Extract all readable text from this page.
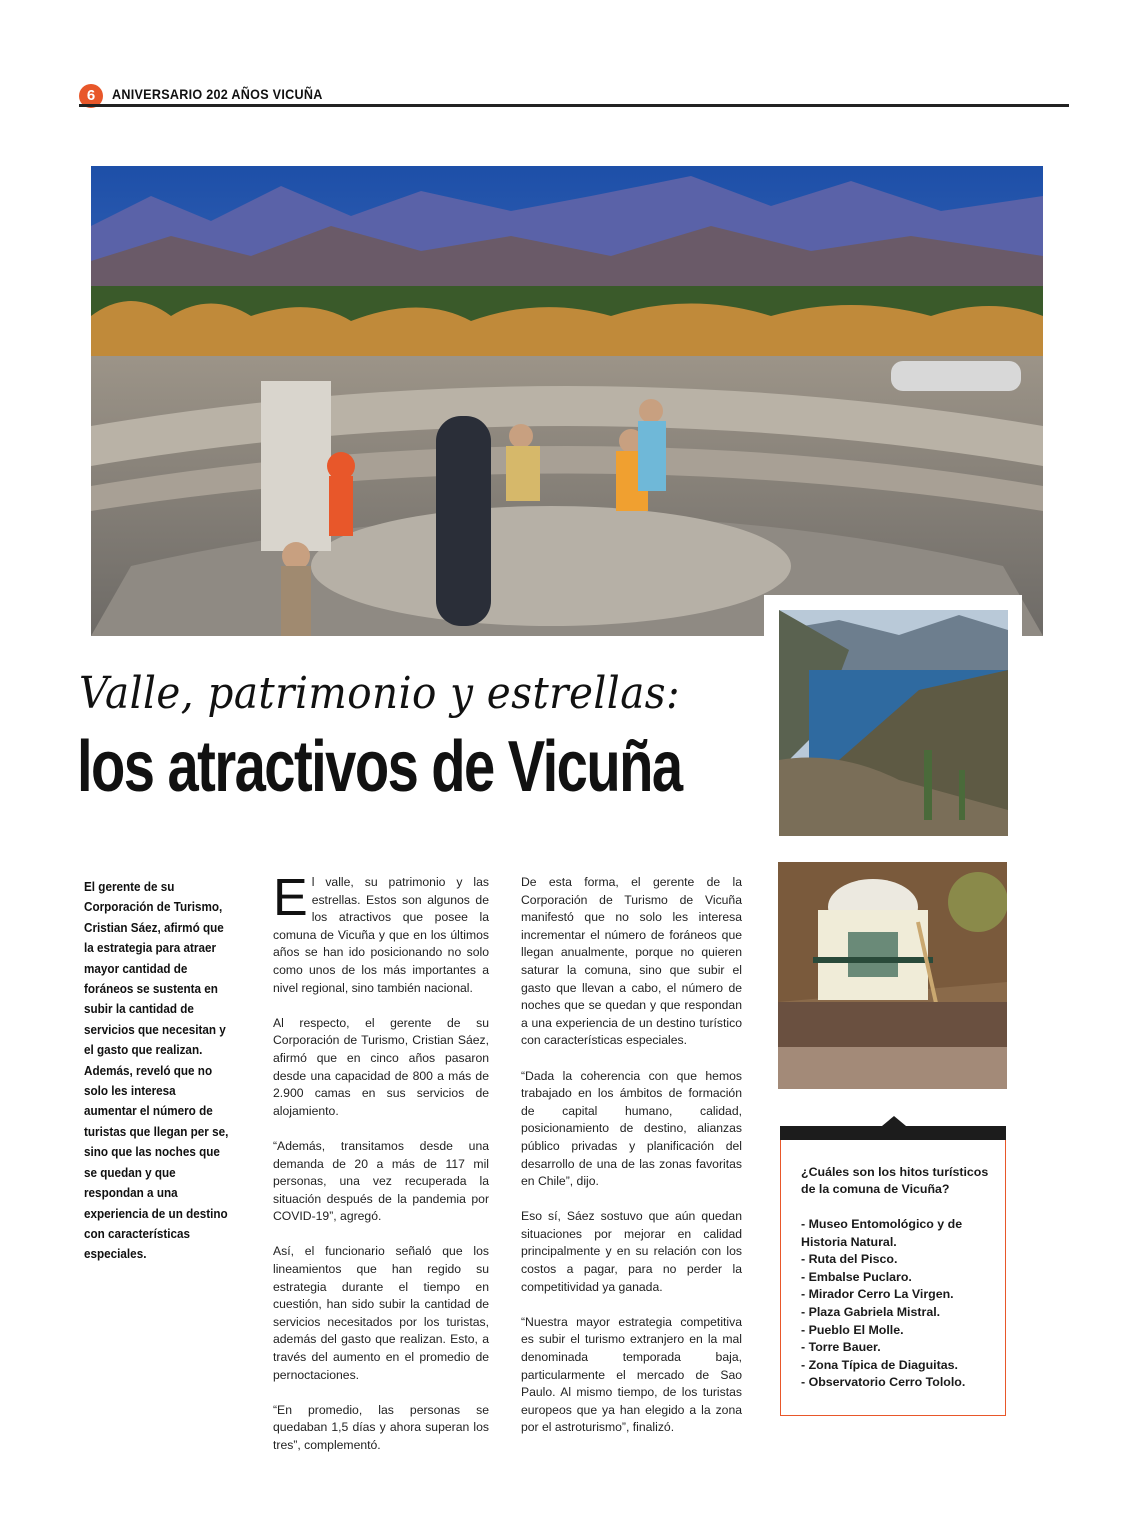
6	ANIVERSARIO 202 AÑOS VICUÑA
Valle, patrimonio y estrellas:
los atractivos de Vicuña

El gerente de su Corporación de Turismo, Cristian Sáez, afirmó que la estrategia para atraer mayor cantidad de foráneos se sustenta en subir la cantidad de servicios que necesitan y el gasto que realizan. Además, reveló que no solo les interesa aumentar el número de turistas que llegan per se, sino que las noches que se quedan y que respondan a una experiencia de un destino con características especiales.

El valle, su patrimonio y las estrellas. Estos son algunos de los atractivos que posee la comuna de Vicuña y que en los últimos años se han ido posicionando no solo como unos de los más importantes a nivel regional, sino también nacional.

Al respecto, el gerente de su Corporación de Turismo, Cristian Sáez, afirmó que en cinco años pasaron desde una capacidad de 800 a más de 2.900 camas en sus servicios de alojamiento.

“Además, transitamos desde una demanda de 20 a más de 117 mil personas, una vez recuperada la situación después de la pandemia por COVID-19”, agregó.

Así, el funcionario señaló que los lineamientos que han regido su estrategia durante el tiempo en cuestión, han sido subir la cantidad de servicios necesitados por los turistas, además del gasto que realizan. Esto, a través del aumento en el promedio de pernoctaciones.

“En promedio, las personas se quedaban 1,5 días y ahora superan los tres”, complementó.

De esta forma, el gerente de la Corporación de Turismo de Vicuña manifestó que no solo les interesa incrementar el número de foráneos que llegan anualmente, porque no quieren saturar la comuna, sino que subir el gasto que llevan a cabo, el número de noches que se quedan y que respondan a una experiencia de un destino turístico con características especiales.

“Dada la coherencia con que hemos trabajado en los ámbitos de formación de capital humano, calidad, posicionamiento de destino, alianzas público privadas y planificación del desarrollo de una de las zonas favoritas en Chile”, dijo.

Eso sí, Sáez sostuvo que aún quedan situaciones por mejorar en calidad principalmente y en su relación con los costos a pagar, para no perder la competitividad ya ganada.

“Nuestra mayor estrategia competitiva es subir el turismo extranjero en la mal denominada temporada baja, particularmente el mercado de Sao Paulo. Al mismo tiempo, de los turistas europeos que ya han elegido a la zona por el astroturismo”, finalizó.

¿Cuáles son los hitos turísticos de la comuna de Vicuña?
- Museo Entomológico y de Historia Natural.
- Ruta del Pisco.
- Embalse Puclaro.
- Mirador Cerro La Virgen.
- Plaza Gabriela Mistral.
- Pueblo El Molle.
- Torre Bauer.
- Zona Típica de Diaguitas.
- Observatorio Cerro Tololo.
